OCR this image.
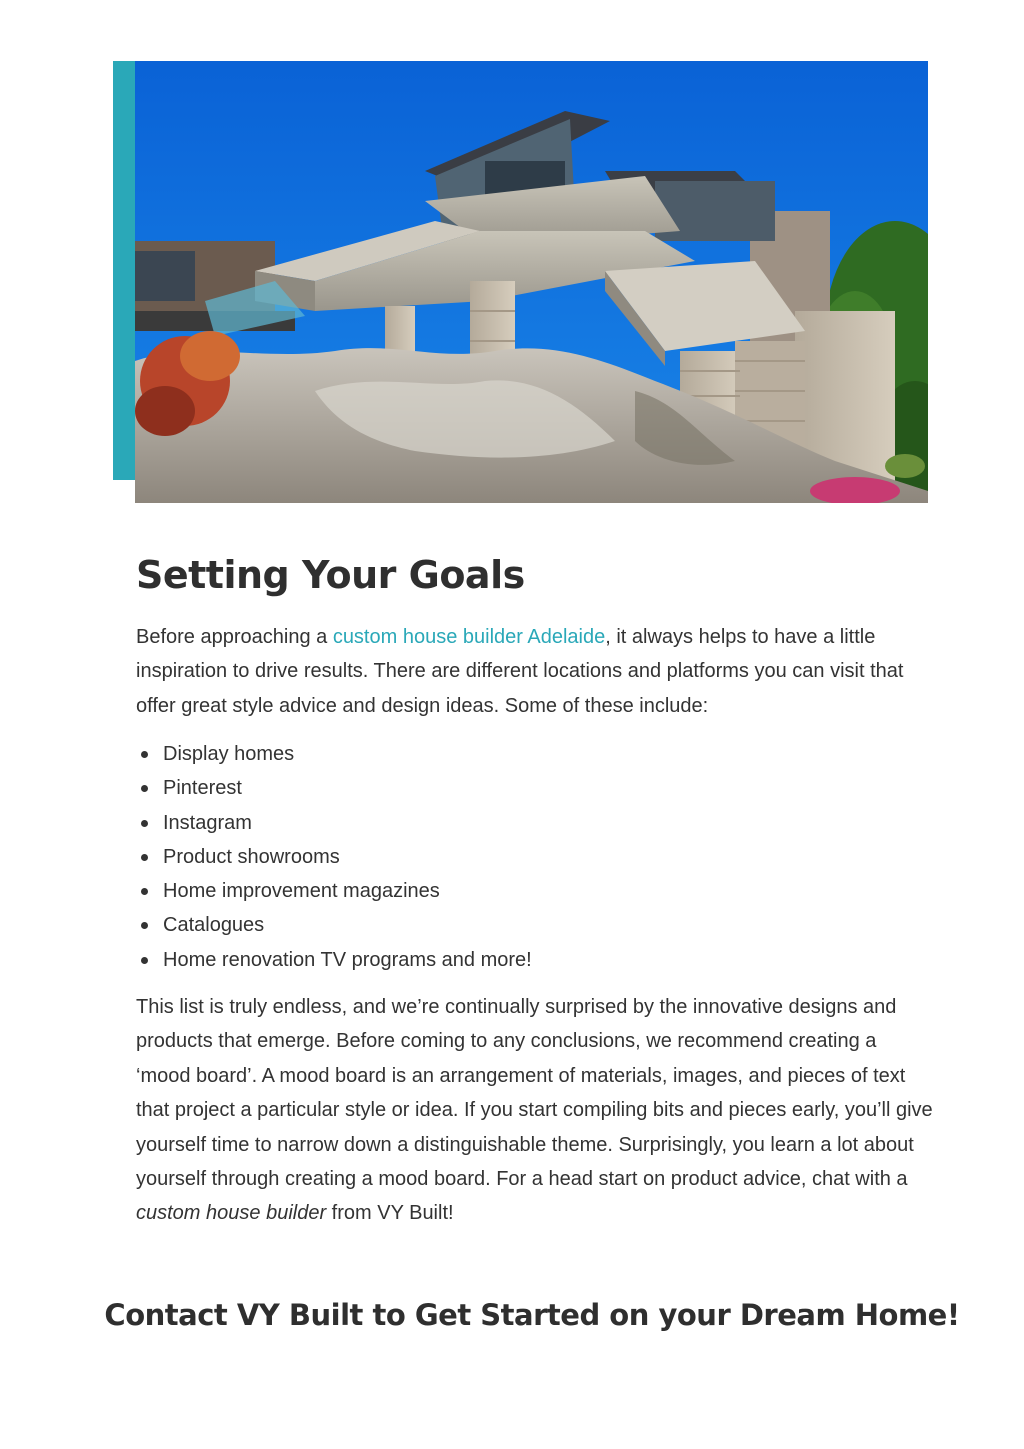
Setting Your Goals

Before approaching a custom house builder Adelaide, it always helps to have a little inspiration to drive results. There are different locations and platforms you can visit that offer great style advice and design ideas. Some of these include:

Display homes
Pinterest
Instagram
Product showrooms
Home improvement magazines
Catalogues
Home renovation TV programs and more!

This list is truly endless, and we’re continually surprised by the innovative designs and products that emerge. Before coming to any conclusions, we recommend creating a ‘mood board’. A mood board is an arrangement of materials, images, and pieces of text that project a particular style or idea. If you start compiling bits and pieces early, you’ll give yourself time to narrow down a distinguishable theme. Surprisingly, you learn a lot about yourself through creating a mood board. For a head start on product advice, chat with a custom house builder from VY Built!

Contact VY Built to Get Started on your Dream Home!
